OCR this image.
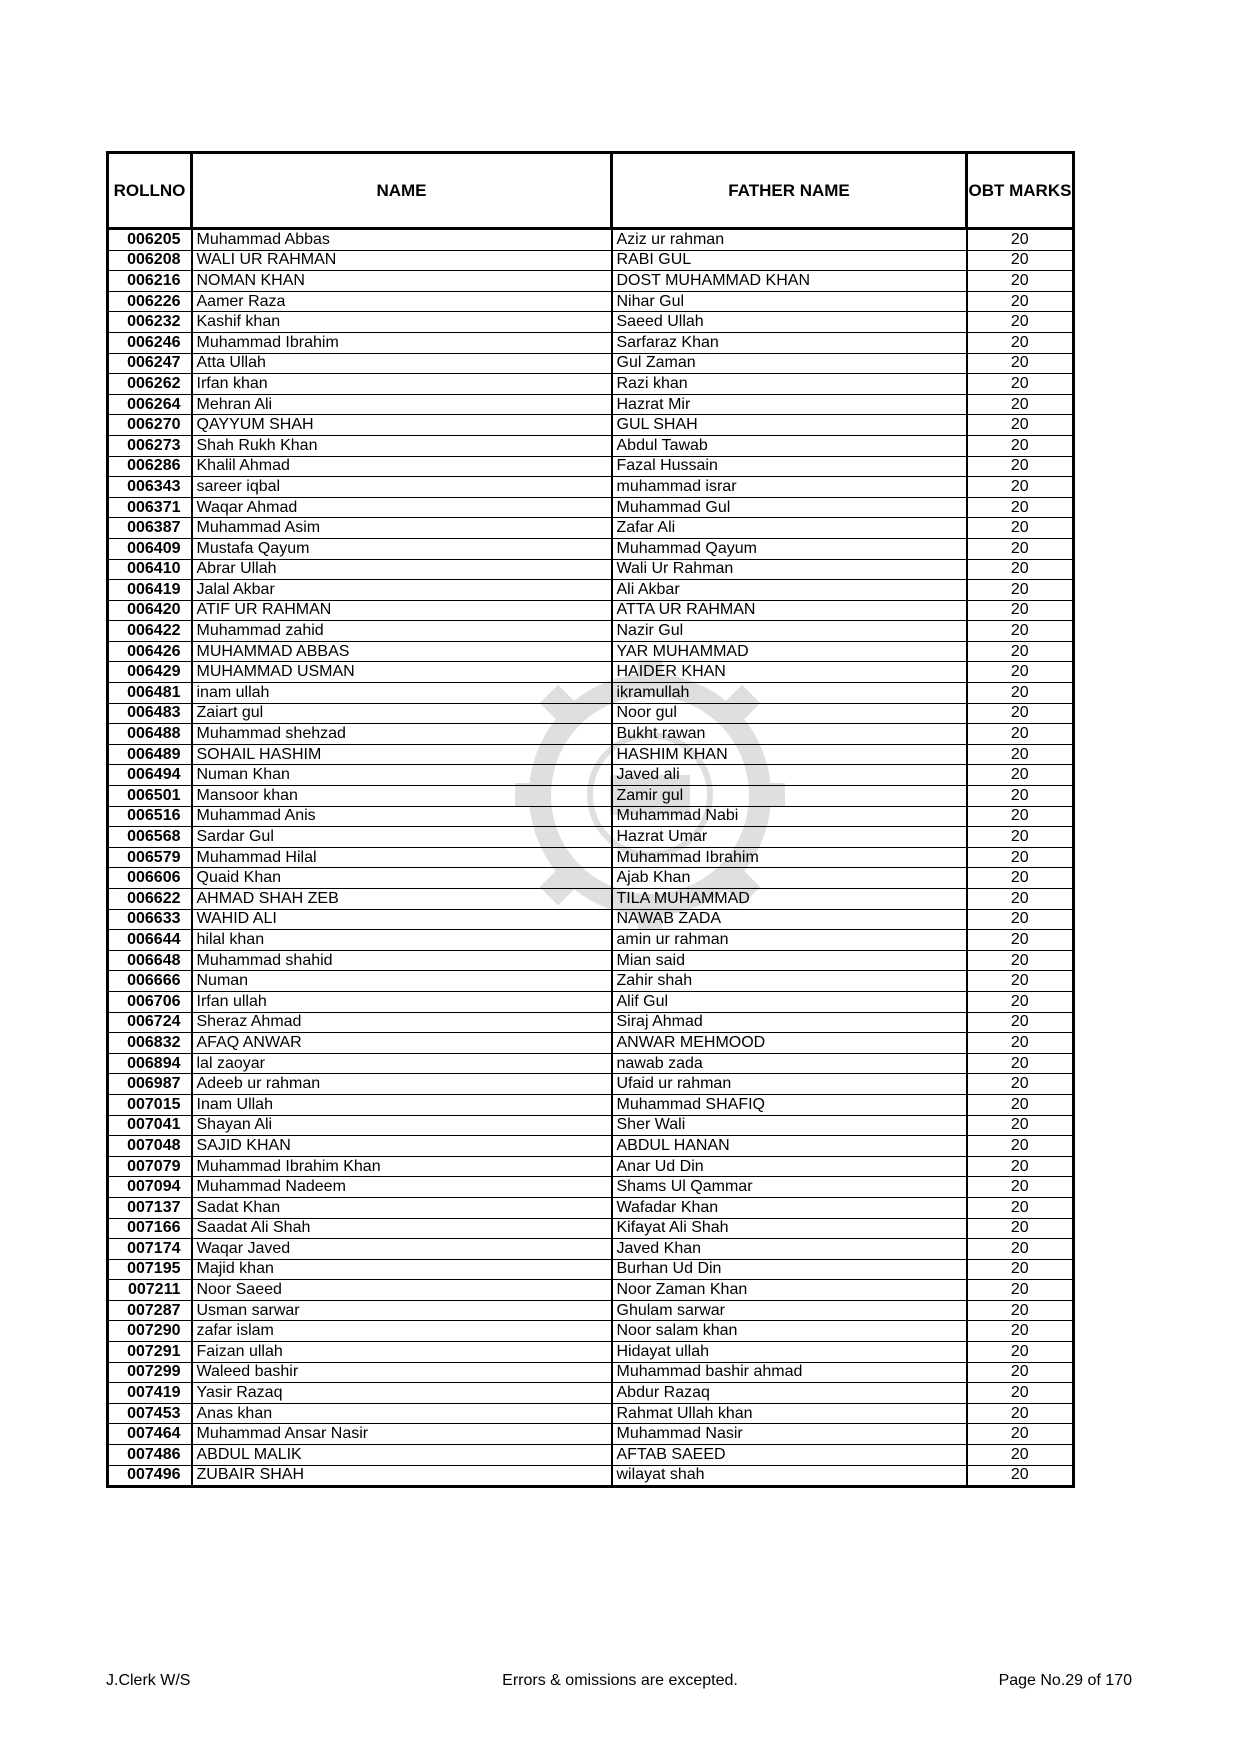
ROLLNO	NAME	FATHER NAME	OBT MARKS
006205	Muhammad Abbas	Aziz ur rahman	20
006208	WALI UR RAHMAN	RABI GUL	20
006216	NOMAN KHAN	DOST MUHAMMAD KHAN	20
006226	Aamer Raza	Nihar Gul	20
006232	Kashif khan	Saeed Ullah	20
006246	Muhammad Ibrahim	Sarfaraz Khan	20
006247	Atta Ullah	Gul Zaman	20
006262	Irfan khan	Razi khan	20
006264	Mehran Ali	Hazrat Mir	20
006270	QAYYUM SHAH	GUL SHAH	20
006273	Shah Rukh Khan	Abdul Tawab	20
006286	Khalil Ahmad	Fazal Hussain	20
006343	sareer iqbal	muhammad israr	20
006371	Waqar Ahmad	Muhammad Gul	20
006387	Muhammad Asim	Zafar Ali	20
006409	Mustafa Qayum	Muhammad Qayum	20
006410	Abrar Ullah	Wali Ur Rahman	20
006419	Jalal Akbar	Ali Akbar	20
006420	ATIF UR RAHMAN	ATTA UR RAHMAN	20
006422	Muhammad zahid	Nazir Gul	20
006426	MUHAMMAD ABBAS	YAR MUHAMMAD	20
006429	MUHAMMAD USMAN	HAIDER KHAN	20
006481	inam ullah	ikramullah	20
006483	Zaiart gul	Noor gul	20
006488	Muhammad shehzad	Bukht rawan	20
006489	SOHAIL HASHIM	HASHIM KHAN	20
006494	Numan Khan	Javed ali	20
006501	Mansoor khan	Zamir gul	20
006516	Muhammad Anis	Muhammad Nabi	20
006568	Sardar Gul	Hazrat Umar	20
006579	Muhammad Hilal	Muhammad Ibrahim	20
006606	Quaid Khan	Ajab Khan	20
006622	AHMAD SHAH ZEB	TILA MUHAMMAD	20
006633	WAHID ALI	NAWAB ZADA	20
006644	hilal khan	amin ur rahman	20
006648	Muhammad shahid	Mian said	20
006666	Numan	Zahir shah	20
006706	Irfan ullah	Alif Gul	20
006724	Sheraz Ahmad	Siraj Ahmad	20
006832	AFAQ ANWAR	ANWAR MEHMOOD	20
006894	lal zaoyar	nawab zada	20
006987	Adeeb ur rahman	Ufaid ur rahman	20
007015	Inam Ullah	Muhammad SHAFIQ	20
007041	Shayan Ali	Sher Wali	20
007048	SAJID KHAN	ABDUL HANAN	20
007079	Muhammad Ibrahim Khan	Anar Ud Din	20
007094	Muhammad Nadeem	Shams Ul Qammar	20
007137	Sadat Khan	Wafadar Khan	20
007166	Saadat Ali Shah	Kifayat Ali Shah	20
007174	Waqar Javed	Javed Khan	20
007195	Majid khan	Burhan Ud Din	20
007211	Noor Saeed	Noor Zaman Khan	20
007287	Usman sarwar	Ghulam sarwar	20
007290	zafar islam	Noor salam khan	20
007291	Faizan ullah	Hidayat ullah	20
007299	Waleed bashir	Muhammad bashir ahmad	20
007419	Yasir Razaq	Abdur Razaq	20
007453	Anas khan	Rahmat Ullah khan	20
007464	Muhammad Ansar Nasir	Muhammad Nasir	20
007486	ABDUL MALIK	AFTAB SAEED	20
007496	ZUBAIR SHAH	wilayat shah	20
J.Clerk W/S	Errors & omissions are excepted.	Page No.29 of 170
